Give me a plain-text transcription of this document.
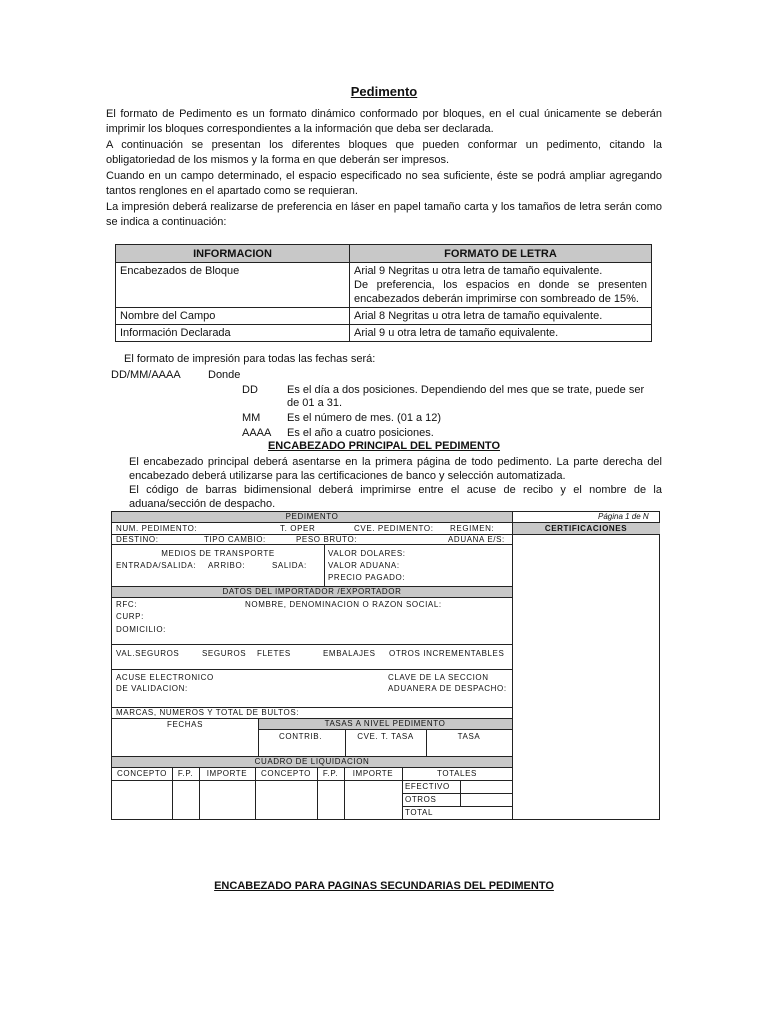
Pedimento
El formato de Pedimento es un formato dinámico conformado por bloques, en el cual únicamente se deberán imprimir los bloques correspondientes a la información que deba ser declarada.
A continuación se presentan los diferentes bloques que pueden conformar un pedimento, citando la obligatoriedad de los mismos y la forma en que deberán ser impresos.
Cuando en un campo determinado, el espacio especificado no sea suficiente, éste se podrá ampliar agregando tantos renglones en el apartado como se requieran.
La impresión deberá realizarse de preferencia en láser en papel tamaño carta y los tamaños de letra serán como se indica a continuación:
INFORMACION	FORMATO DE LETRA
Encabezados de Bloque	Arial 9 Negritas u otra letra de tamaño equivalente.
De preferencia, los espacios en donde se presenten encabezados deberán imprimirse con sombreado de 15%.

Nombre del Campo	Arial 8 Negritas u otra letra de tamaño equivalente.
Información Declarada	Arial 9 u otra letra de tamaño equivalente.
El formato de impresión para todas las fechas será:
DD/MM/AAAA Donde
DD	Es el día a dos posiciones. Dependiendo del mes que se trate, puede ser
de 01 a 31.
MM Es el número de mes. (01 a 12)
AAAA Es el año a cuatro posiciones.
ENCABEZADO PRINCIPAL DEL PEDIMENTO
El encabezado principal deberá asentarse en la primera página de todo pedimento. La parte derecha del encabezado deberá utilizarse para las certificaciones de banco y selección automatizada.
El código de barras bidimensional deberá imprimirse entre el acuse de recibo y el nombre de la aduana/sección de despacho.
PEDIMENTO	Página 1 de N
CERTIFICACIONES
NUM. PEDIMENTO:	T. OPER	CVE. PEDIMENTO: REGIMEN:
DESTINO:	TIPO CAMBIO:	PESO BRUTO:	ADUANA E/S:
MEDIOS DE TRANSPORTE
ENTRADA/SALIDA: ARRIBO:	SALIDA:
VALOR DOLARES:
VALOR ADUANA:
PRECIO PAGADO:
DATOS DEL IMPORTADOR /EXPORTADOR
RFC:	NOMBRE, DENOMINACION O RAZON SOCIAL:
CURP:
DOMICILIO:
VAL.SEGUROS	SEGUROS FLETES	EMBALAJES OTROS INCREMENTABLES
ACUSE ELECTRONICO
DE VALIDACION:
CLAVE DE LA SECCION
ADUANERA DE DESPACHO:
MARCAS, NUMEROS Y TOTAL DE BULTOS:
FECHAS	TASAS A NIVEL PEDIMENTO
CONTRIB.	CVE. T. TASA	TASA
CUADRO DE LIQUIDACION
CONCEPTO	F.P.	IMPORTE	CONCEPTO	F.P.	IMPORTE	TOTALES
EFECTIVO
OTROS
TOTAL
ENCABEZADO PARA PAGINAS SECUNDARIAS DEL PEDIMENTO
